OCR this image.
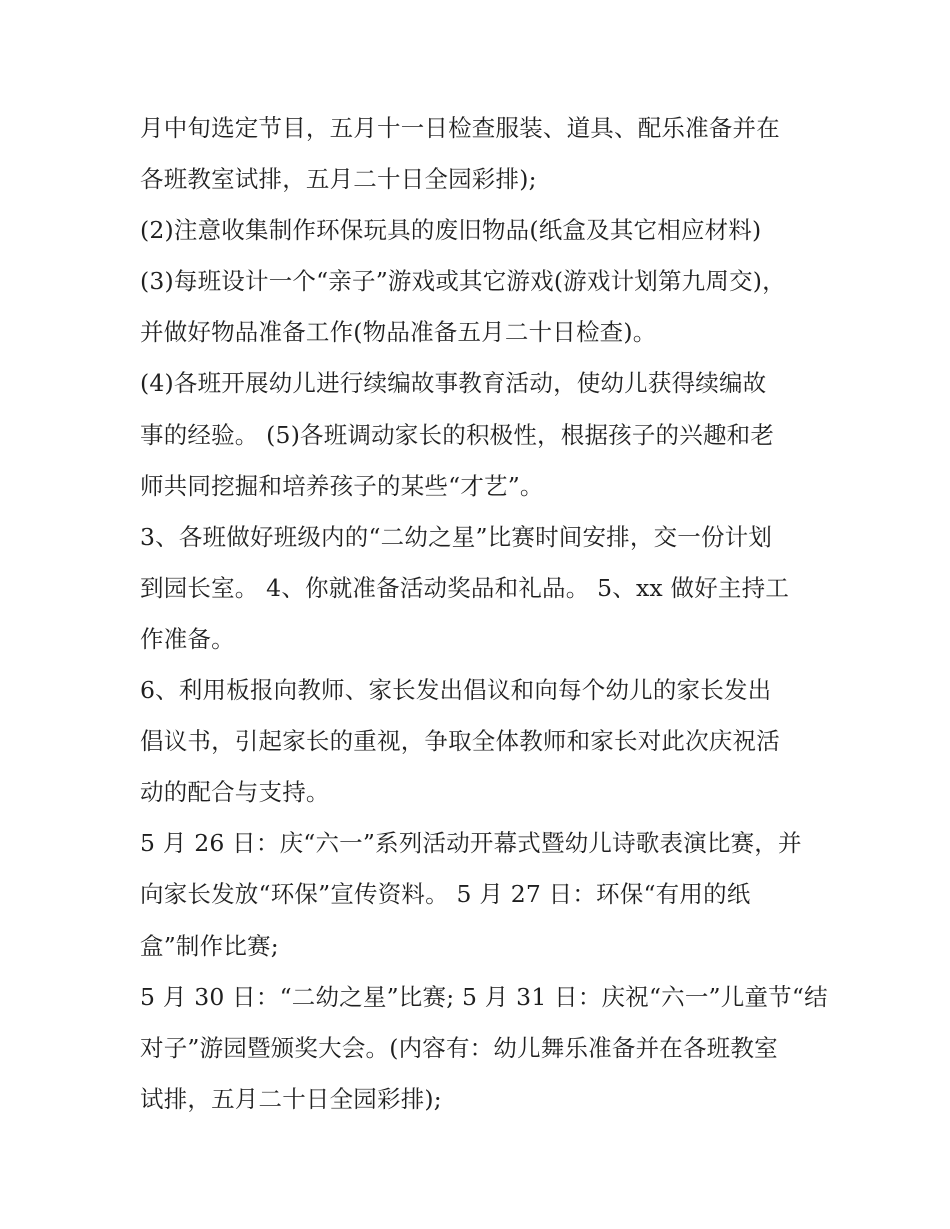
月中旬选定节目，五月十一日检查服装、道具、配乐准备并在
各班教室试排，五月二十日全园彩排);
(2)注意收集制作环保玩具的废旧物品(纸盒及其它相应材料)
(3)每班设计一个“亲子”游戏或其它游戏(游戏计划第九周交)，
并做好物品准备工作(物品准备五月二十日检查)。
(4)各班开展幼儿进行续编故事教育活动，使幼儿获得续编故
事的经验。 (5)各班调动家长的积极性，根据孩子的兴趣和老
师共同挖掘和培养孩子的某些“才艺”。
3、各班做好班级内的“二幼之星”比赛时间安排，交一份计划
到园长室。 4、你就准备活动奖品和礼品。 5、xx 做好主持工
作准备。
6、利用板报向教师、家长发出倡议和向每个幼儿的家长发出
倡议书，引起家长的重视，争取全体教师和家长对此次庆祝活
动的配合与支持。
5 月 26 日：庆“六一”系列活动开幕式暨幼儿诗歌表演比赛，并
向家长发放“环保”宣传资料。 5 月 27 日：环保“有用的纸
盒”制作比赛;
5 月 30 日：“二幼之星”比赛; 5 月 31 日：庆祝“六一”儿童节“结
对子”游园暨颁奖大会。(内容有：幼儿舞乐准备并在各班教室
试排，五月二十日全园彩排);
